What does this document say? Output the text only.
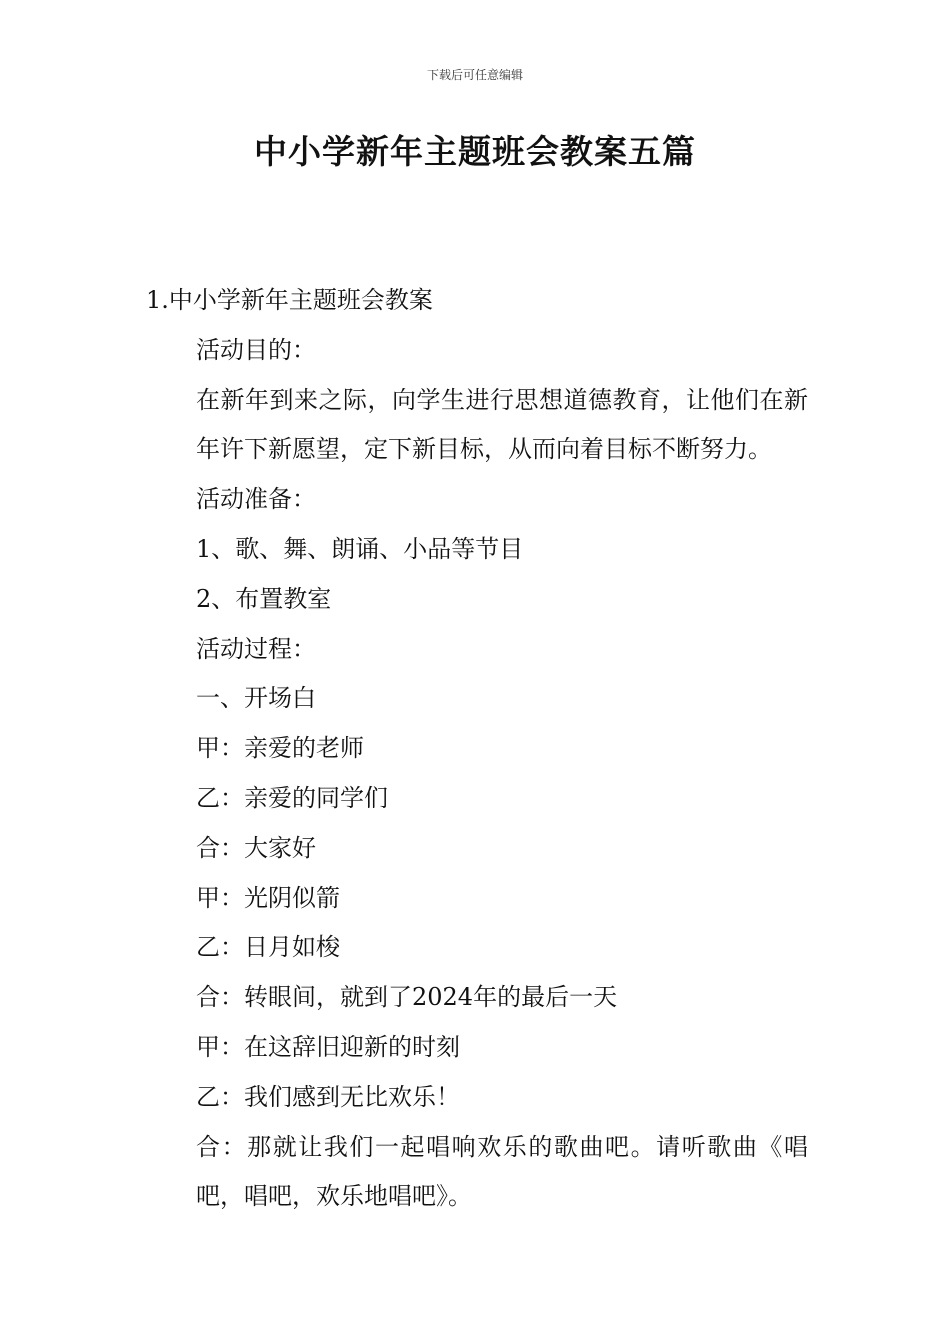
下载后可任意编辑
中小学新年主题班会教案五篇
1.中小学新年主题班会教案
活动目的：
在新年到来之际，向学生进行思想道德教育，让他们在新年许下新愿望，定下新目标，从而向着目标不断努力。
活动准备：
1、歌、舞、朗诵、小品等节目
2、布置教室
活动过程：
一、开场白
甲：亲爱的老师
乙：亲爱的同学们
合：大家好
甲：光阴似箭
乙：日月如梭
合：转眼间，就到了2024年的最后一天
甲：在这辞旧迎新的时刻
乙：我们感到无比欢乐！
合：那就让我们一起唱响欢乐的歌曲吧。请听歌曲《唱吧，唱吧，欢乐地唱吧》。
